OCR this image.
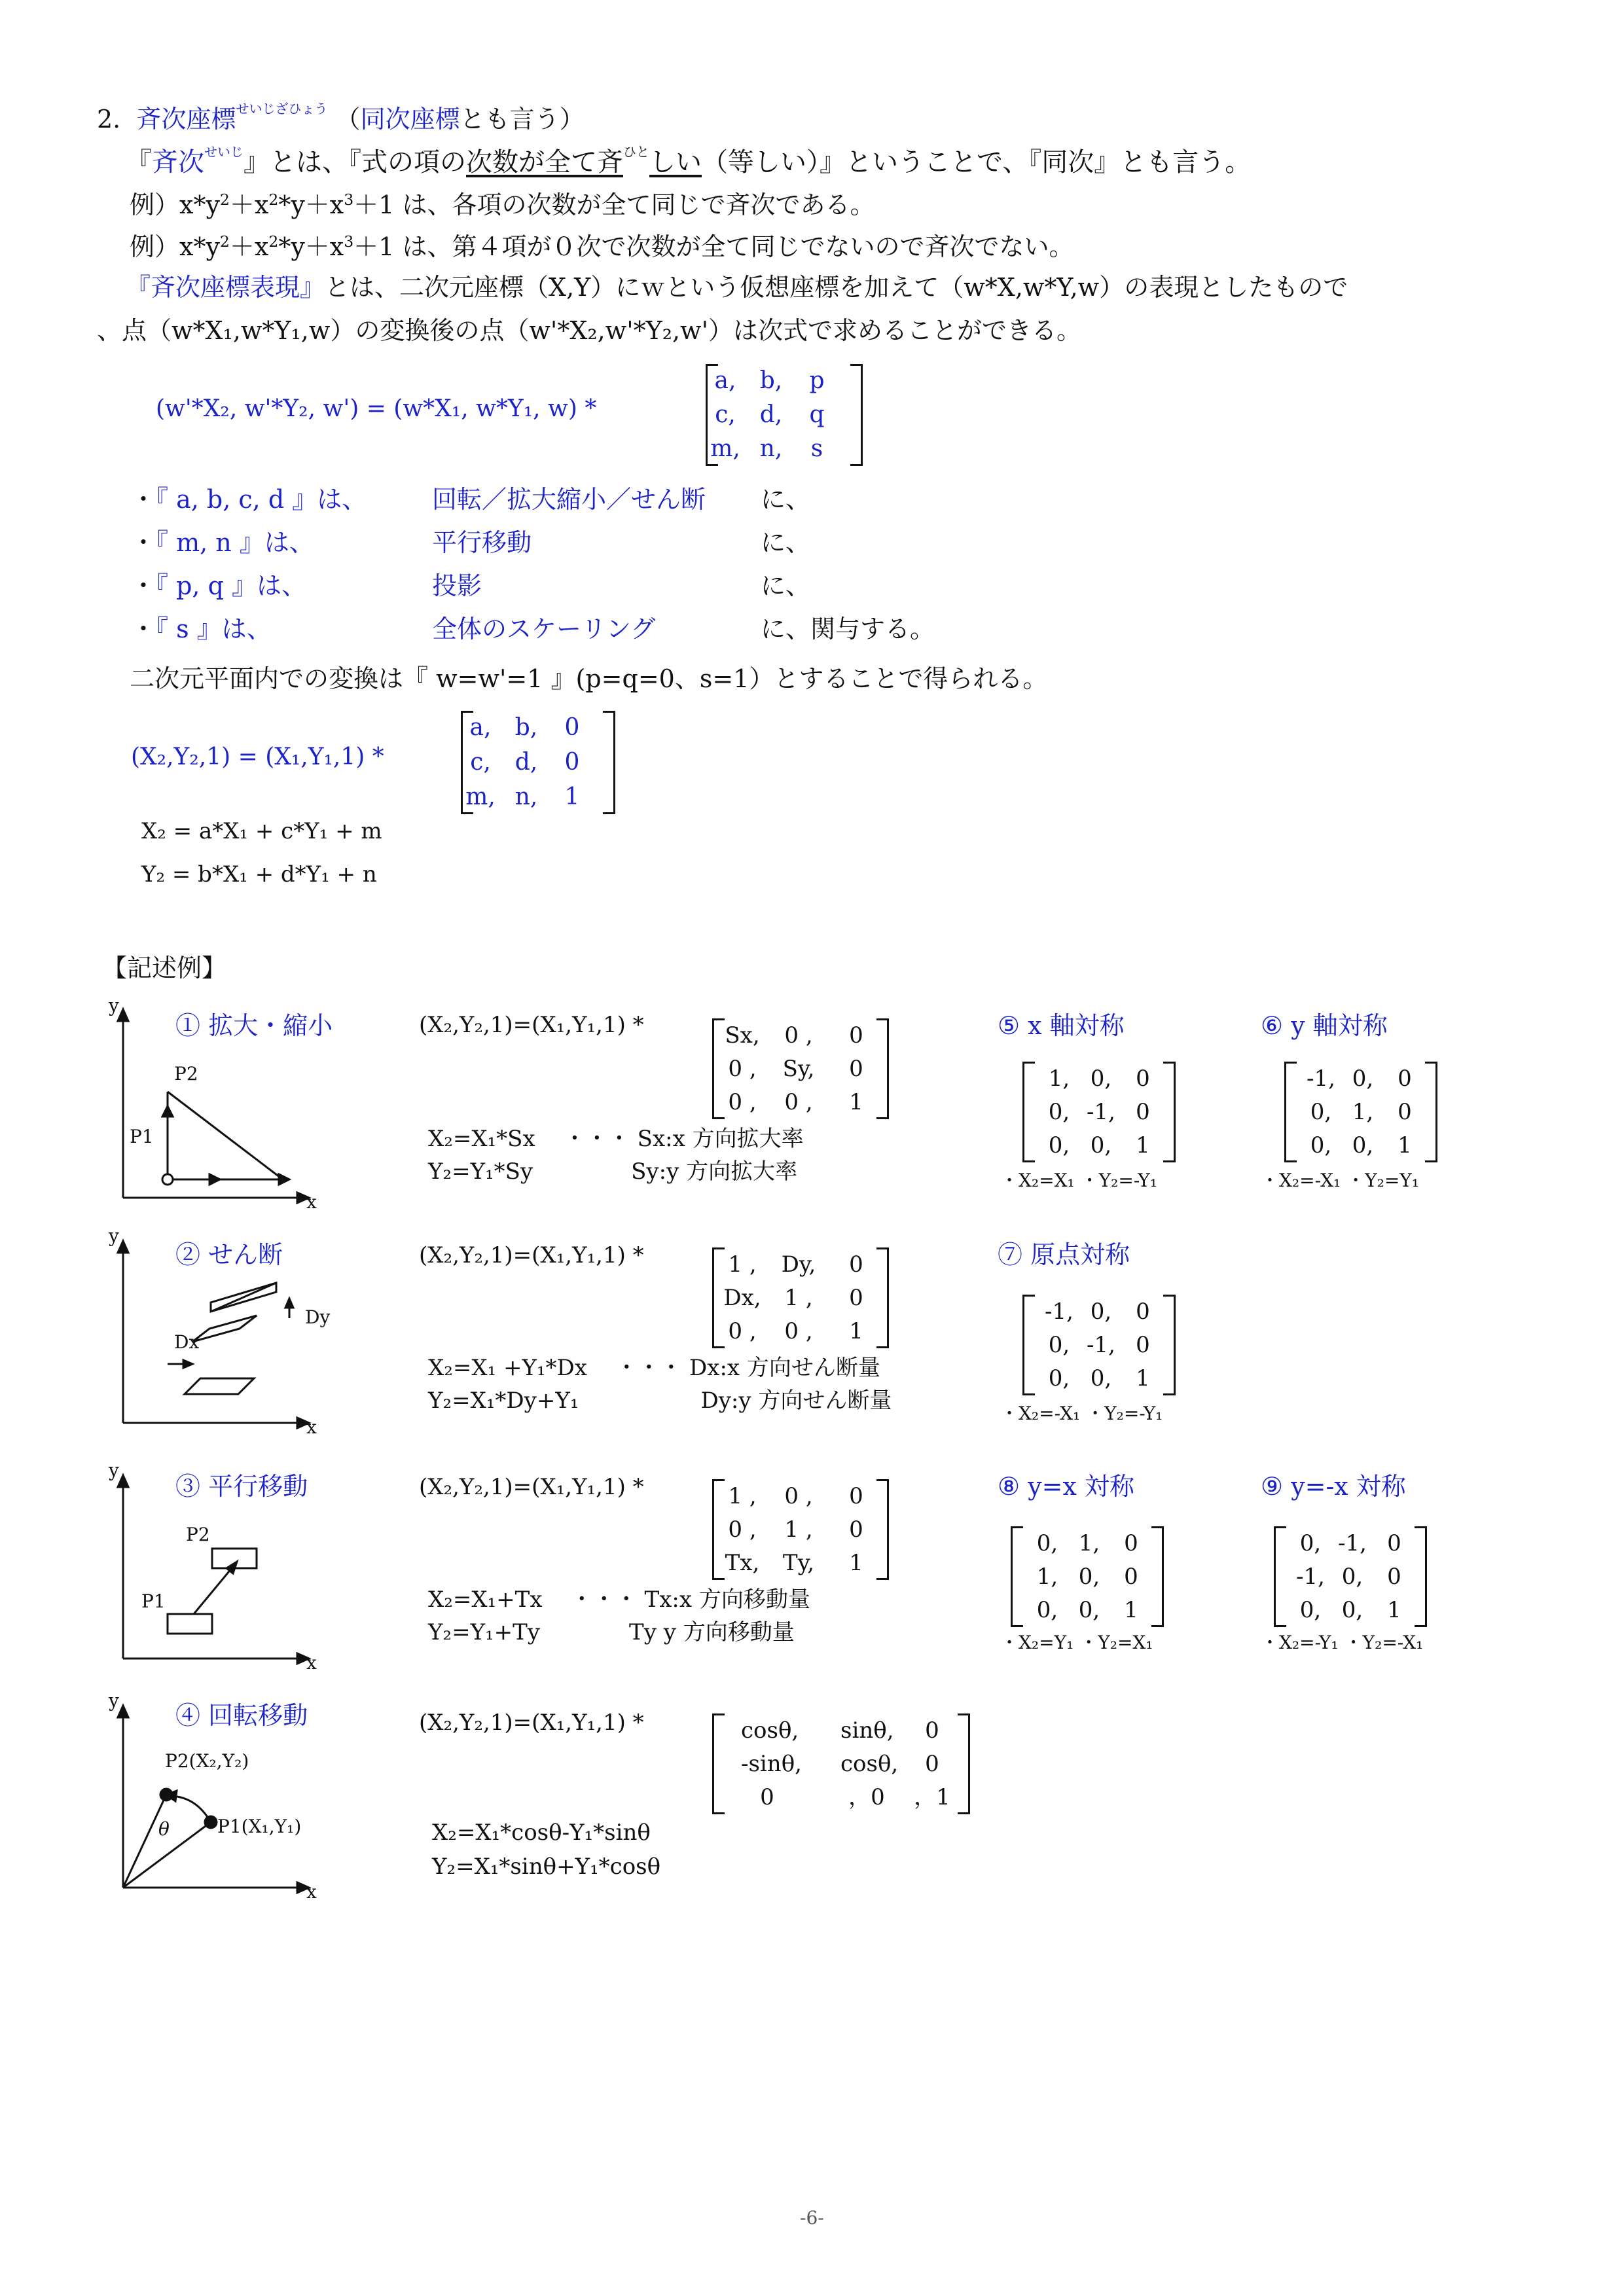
2. 斉次座標$^{せいじざひょう}$ （同次座標とも言う）
『斉次$^{せいじ}$』とは、『式の項の次数が全て斉$^{ひと}$しい（等しい）』ということで、『同次』とも言う。
例）$x*y^2+x^2*y+x^3+1$ は、各項の次数が全て同じで斉次である。
例）$x*y^2+x^2*y+x^3+1$ は、第４項が０次で次数が全て同じでないので斉次でない。
『斉次座標表現』とは、二次元座標（X,Y）にｗという仮想座標を加えて（w*X,w*Y,w）の表現としたもので
、点（w*X₁,w*Y₁,w）の変換後の点（w'*X₂,w'*Y₂,w'）は次式で求めることができる。
(w'*X₂, w'*Y₂, w') = (w*X₁, w*Y₁, w) *
a,	b,	p
c,	d,	q
m, n,	s
・『 a, b, c, d 』は、	回転／拡大縮小／せん断 に、
・『 m, n 』は、	平行移動	に、
・『 p, q 』は、	投影	に、
・『 s 』は、	全体のスケーリング	に、関与する。
二次元平面内での変換は『 w=w'=1 』(p=q=0、s=1）とすることで得られる。
(X₂,Y₂,1) = (X₁,Y₁,1) *
a,	b,	0
c,	d,	0
m, n,	1
X₂ = a*X₁ + c*Y₁ + m
Y₂ = b*X₁ + d*Y₁ + n
【記述例】
① 拡大・縮小
y
x
P2
P1
(X₂,Y₂,1)=(X₁,Y₁,1) *	Sx,	0 ,	0
0 ,	Sy,	0
0 ,	0 ,	1
X₂=X₁*Sx ・・・ Sx:x 方向拡大率
Y₂=Y₁*Sy	Sy:y 方向拡大率
② せん断
y
x
Dx
Dy
(X₂,Y₂,1)=(X₁,Y₁,1) *	1 ,	Dy,	0
Dx,	1 ,	0
0 ,	0 ,	1
X₂=X₁ +Y₁*Dx ・・・ Dx:x 方向せん断量
Y₂=X₁*Dy+Y₁	Dy:y 方向せん断量
③ 平行移動
y
x
P2
P1
(X₂,Y₂,1)=(X₁,Y₁,1) *	1 ,	0 ,	0
0 ,	1 ,	0
Tx,	Ty,	1
X₂=X₁+Tx ・・・ Tx:x 方向移動量
Y₂=Y₁+Ty	Ty y 方向移動量
④ 回転移動
y
x
P2(X₂,Y₂)
P1(X₁,Y₁)
θ
(X₂,Y₂,1)=(X₁,Y₁,1) *	cosθ, sinθ,	0
-sinθ, cosθ,	0
0	，0	，1
X₂=X₁*cosθ-Y₁*sinθ
Y₂=X₁*sinθ+Y₁*cosθ
⑤ x 軸対称
1, 0,	0
0, -1, 0
0, 0,	1
・X₂=X₁ ・Y₂=-Y₁
⑥ y 軸対称
-1, 0,	0
0, 1,	0
0, 0,	1
・X₂=-X₁ ・Y₂=Y₁
⑦ 原点対称
-1, 0,	0
0, -1, 0
0, 0,	1
・X₂=-X₁ ・Y₂=-Y₁
⑧ y=x 対称
0, 1,	0
1, 0,	0
0, 0,	1
・X₂=Y₁ ・Y₂=X₁
⑨ y=-x 対称
0, -1, 0
-1, 0,	0
0, 0,	1
・X₂=-Y₁ ・Y₂=-X₁
-6-
